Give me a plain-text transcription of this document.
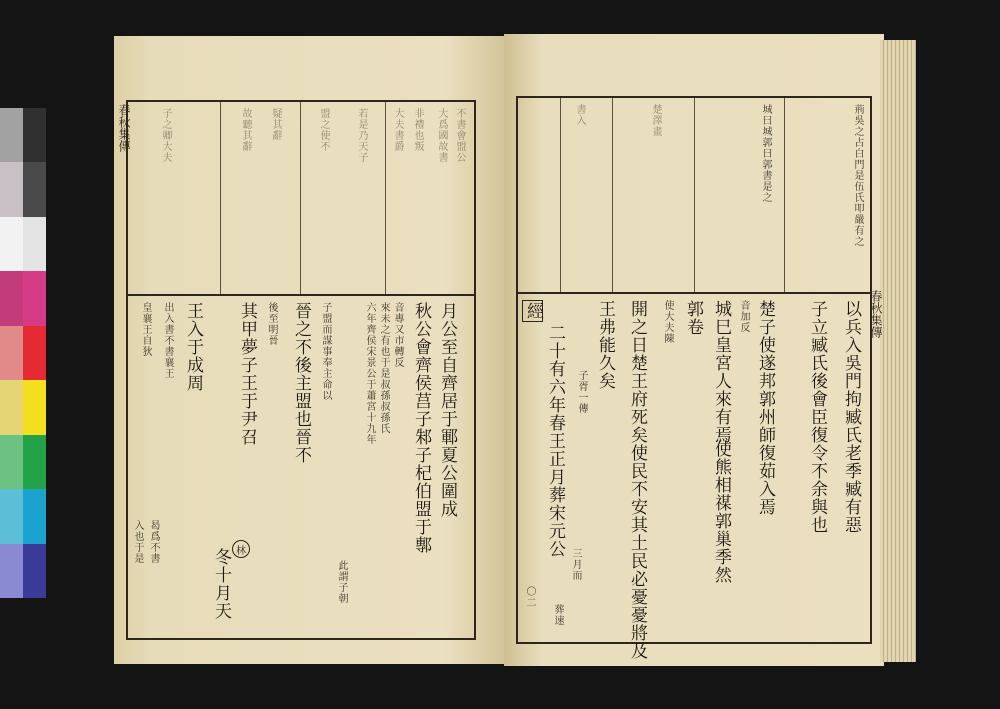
春秋集傳	不書會盟公
大爲國故書
非禮也叛
大夫書爵
若是乃天子
盟之使不
疑其辭
故聽其辭
子之卿大夫
月公至自齊居于鄆夏公圍成
秋公會齊侯莒子邾子杞伯盟于鄟
音專又市轉反
來未之有也于是叔孫叔孫氏
六年齊侯宋景公于蕭宮十九年
子盟而謀事奉主命以
晉之不後主盟也晉不
後至明晉
其甲夢子王于尹召
王入于成周
出入書不書襄王
皇襄王自狄
冬十月天
曷爲不書
入也于是
此謂子朝
林
春秋集傳
荊吳之占白門是伍氏叩嚴有之
城曰城郭曰郭書是之
楚澤畫
書入
以兵入吳門拘臧氏老季臧有惡
子立臧氏後會臣復令不余與也
楚子使遂邦郭州師復茹入焉
音加反
城巳皇宮人來有焉
使熊相禖郭巢季然
郭卷
使大夫陳
開之日楚王府死矣使民不安其土民必憂憂將及
王弗能久矣
子胥一傳
二十有六年春王正月葬宋元公
三月而
葬速
經
〇二
